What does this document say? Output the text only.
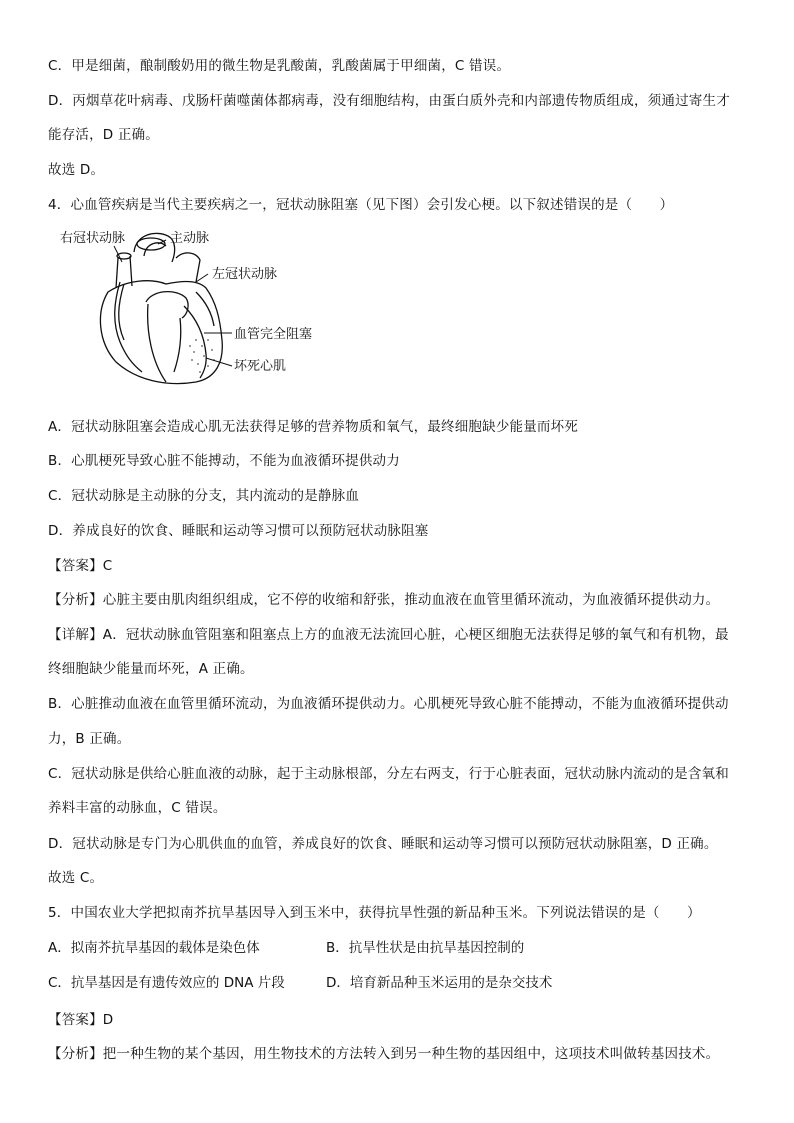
C．甲是细菌，酿制酸奶用的微生物是乳酸菌，乳酸菌属于甲细菌，C 错误。
D．丙烟草花叶病毒、戊肠杆菌噬菌体都病毒，没有细胞结构，由蛋白质外壳和内部遗传物质组成，须通过寄生才
能存活，D 正确。
故选 D。
4．心血管疾病是当代主要疾病之一，冠状动脉阻塞（见下图）会引发心梗。以下叙述错误的是（　　）
右冠状动脉	主动脉
左冠状动脉
血管完全阻塞
坏死心肌
A．冠状动脉阻塞会造成心肌无法获得足够的营养物质和氧气，最终细胞缺少能量而坏死
B．心肌梗死导致心脏不能搏动，不能为血液循环提供动力
C．冠状动脉是主动脉的分支，其内流动的是静脉血
D．养成良好的饮食、睡眠和运动等习惯可以预防冠状动脉阻塞
【答案】C
【分析】心脏主要由肌肉组织组成，它不停的收缩和舒张，推动血液在血管里循环流动，为血液循环提供动力。
【详解】A．冠状动脉血管阻塞和阻塞点上方的血液无法流回心脏，心梗区细胞无法获得足够的氧气和有机物，最
终细胞缺少能量而坏死，A 正确。
B．心脏推动血液在血管里循环流动，为血液循环提供动力。心肌梗死导致心脏不能搏动，不能为血液循环提供动
力，B 正确。
C．冠状动脉是供给心脏血液的动脉，起于主动脉根部，分左右两支，行于心脏表面，冠状动脉内流动的是含氧和
养料丰富的动脉血，C 错误。
D．冠状动脉是专门为心肌供血的血管，养成良好的饮食、睡眠和运动等习惯可以预防冠状动脉阻塞，D 正确。
故选 C。
5．中国农业大学把拟南芥抗旱基因导入到玉米中，获得抗旱性强的新品种玉米。下列说法错误的是（　　）
A．拟南芥抗旱基因的载体是染色体	B．抗旱性状是由抗旱基因控制的
C．抗旱基因是有遗传效应的 DNA 片段	D．培育新品种玉米运用的是杂交技术
【答案】D
【分析】把一种生物的某个基因，用生物技术的方法转入到另一种生物的基因组中，这项技术叫做转基因技术。
